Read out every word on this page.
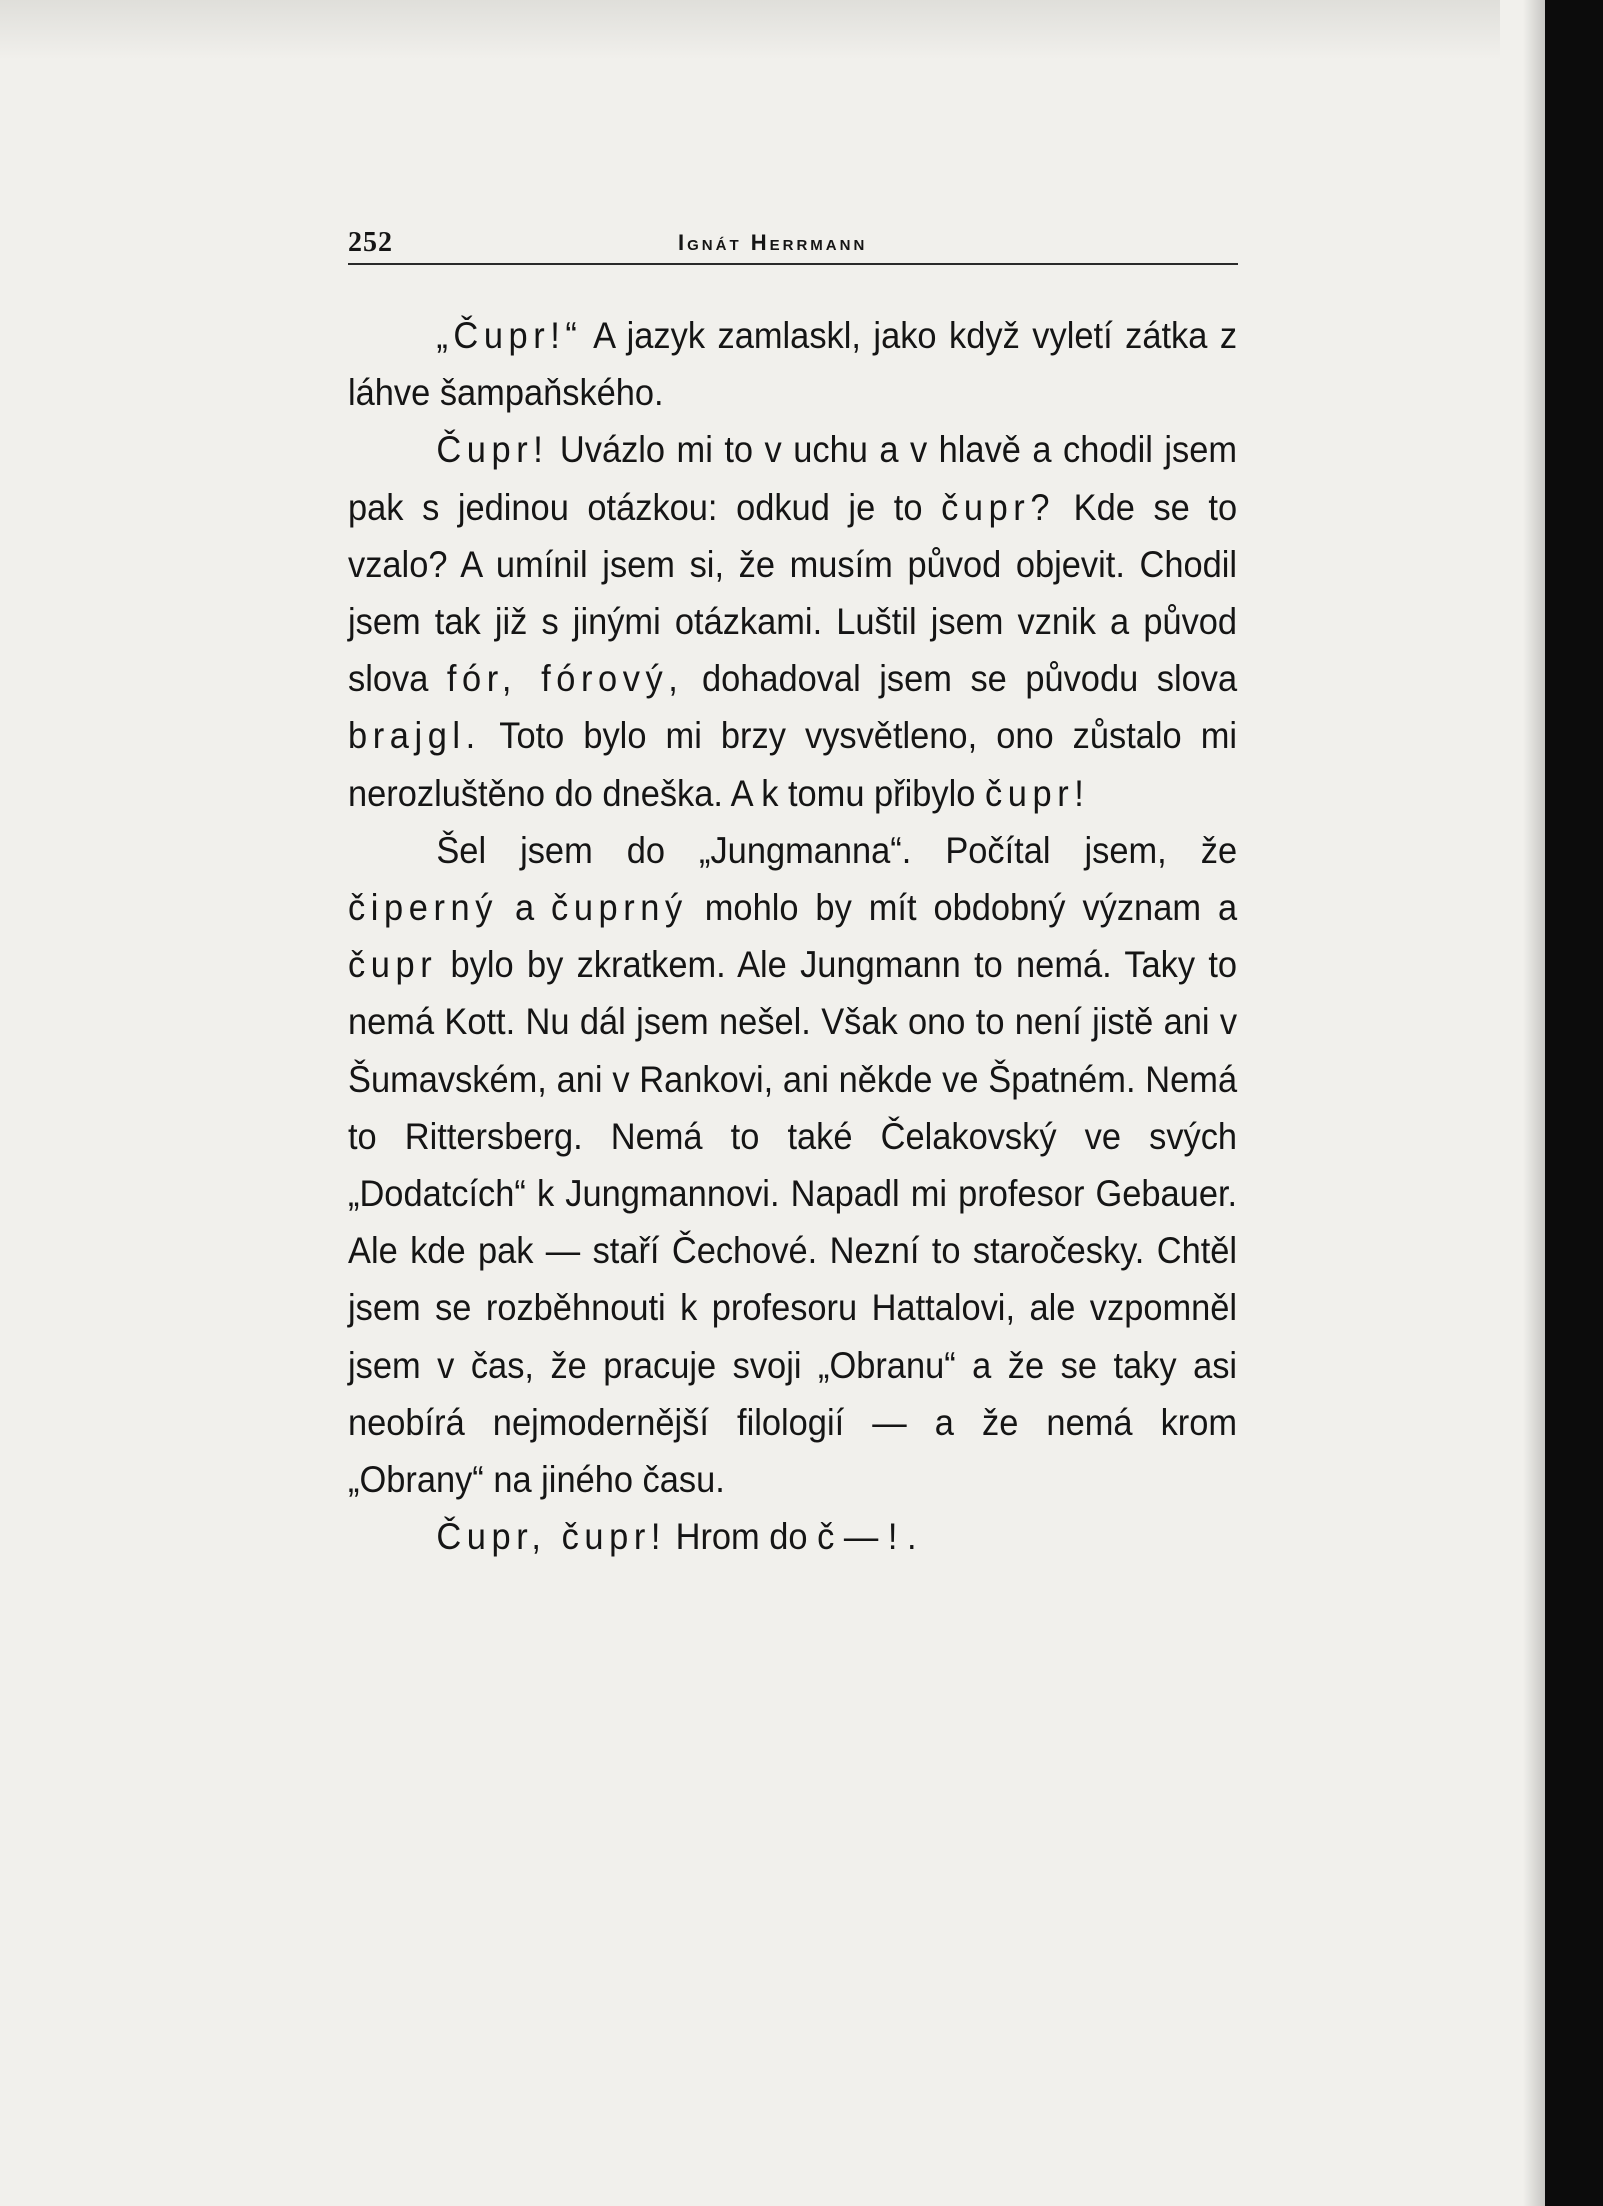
252	Ignát Herrmann

„Čupr!“ A jazyk zamlaskl, jako když vyletí zátka z láhve šampaňského.

Čupr! Uvázlo mi to v uchu a v hlavě a chodil jsem pak s jedinou otázkou: odkud je to čupr? Kde se to vzalo? A umínil jsem si, že musím původ objevit. Chodil jsem tak již s jinými otázkami. Luštil jsem vznik a původ slova fór, fórový, dohadoval jsem se původu slova brajgl. Toto bylo mi brzy vysvětleno, ono zůstalo mi nerozluštěno do dneška. A k tomu přibylo čupr!

Šel jsem do „Jungmanna“. Počítal jsem, že čiperný a čuprný mohlo by mít obdobný význam a čupr bylo by zkratkem. Ale Jungmann to nemá. Taky to nemá Kott. Nu dál jsem nešel. Však ono to není jistě ani v Šumavském, ani v Rankovi, ani někde ve Špatném. Nemá to Rittersberg. Nemá to také Čelakovský ve svých „Dodatcích“ k Jungmannovi. Napadl mi profesor Gebauer. Ale kde pak — staří Čechové. Nezní to staročesky. Chtěl jsem se rozběhnouti k profesoru Hattalovi, ale vzpomněl jsem v čas, že pracuje svoji „Obranu“ a že se taky asi neobírá nejmodernější filologií — a že nemá krom „Obrany“ na jiného času.

Čupr, čupr! Hrom do č — ! .
